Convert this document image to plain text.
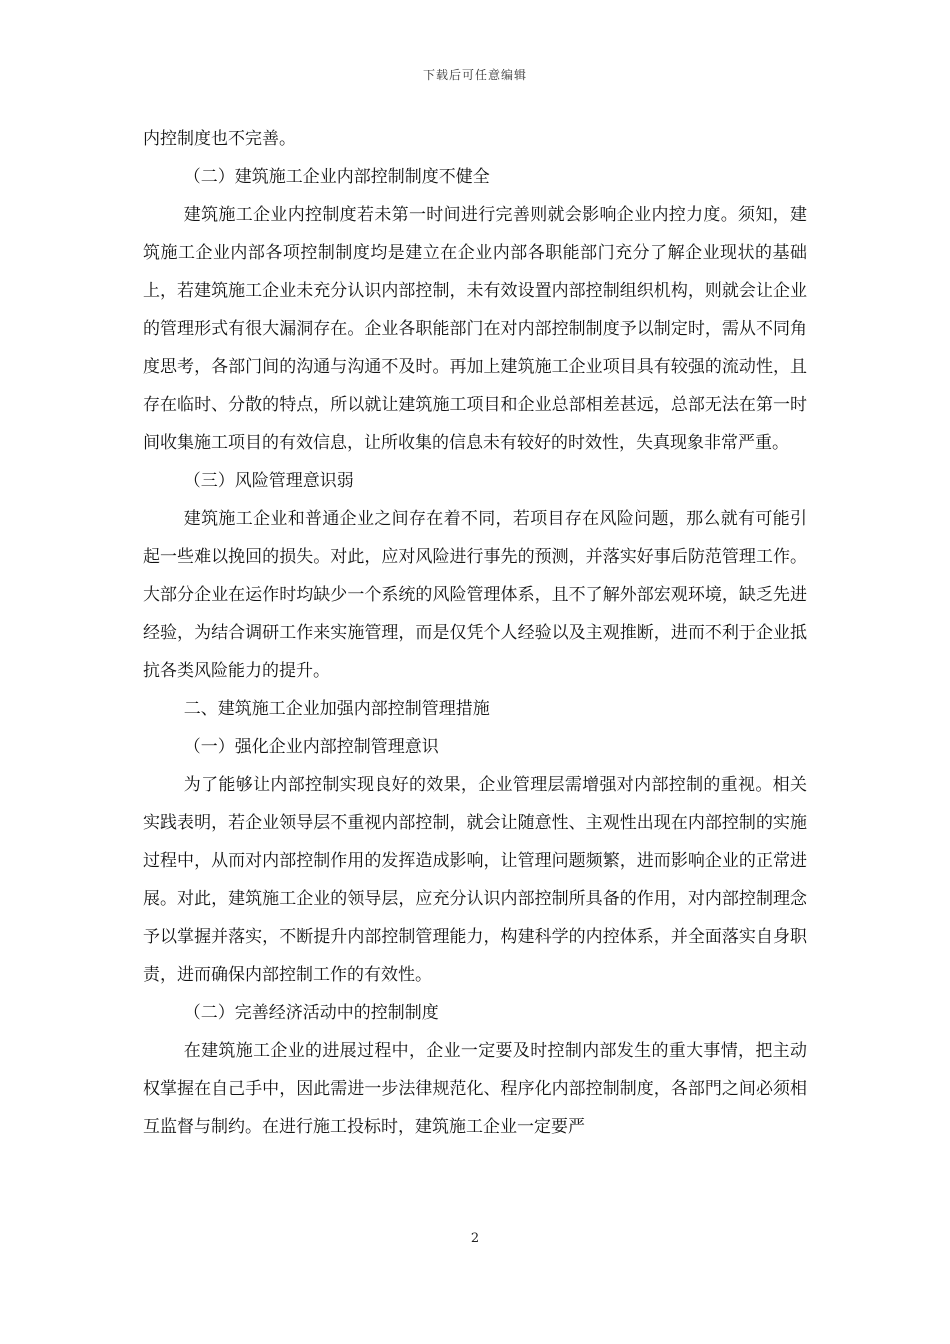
下载后可任意编辑

内控制度也不完善。

（二）建筑施工企业内部控制制度不健全

建筑施工企业内控制度若未第一时间进行完善则就会影响企业内控力度。须知，建筑施工企业内部各项控制制度均是建立在企业内部各职能部门充分了解企业现状的基础上，若建筑施工企业未充分认识内部控制，未有效设置内部控制组织机构，则就会让企业的管理形式有很大漏洞存在。企业各职能部门在对内部控制制度予以制定时，需从不同角度思考，各部门间的沟通与沟通不及时。再加上建筑施工企业项目具有较强的流动性，且存在临时、分散的特点，所以就让建筑施工项目和企业总部相差甚远，总部无法在第一时间收集施工项目的有效信息，让所收集的信息未有较好的时效性，失真现象非常严重。

（三）风险管理意识弱

建筑施工企业和普通企业之间存在着不同，若项目存在风险问题，那么就有可能引起一些难以挽回的损失。对此，应对风险进行事先的预测，并落实好事后防范管理工作。大部分企业在运作时均缺少一个系统的风险管理体系，且不了解外部宏观环境，缺乏先进经验，为结合调研工作来实施管理，而是仅凭个人经验以及主观推断，进而不利于企业抵抗各类风险能力的提升。

二、建筑施工企业加强内部控制管理措施

（一）强化企业内部控制管理意识

为了能够让内部控制实现良好的效果，企业管理层需增强对内部控制的重视。相关实践表明，若企业领导层不重视内部控制，就会让随意性、主观性出现在内部控制的实施过程中，从而对内部控制作用的发挥造成影响，让管理问题频繁，进而影响企业的正常进展。对此，建筑施工企业的领导层，应充分认识内部控制所具备的作用，对内部控制理念予以掌握并落实，不断提升内部控制管理能力，构建科学的内控体系，并全面落实自身职责，进而确保内部控制工作的有效性。

（二）完善经济活动中的控制制度

在建筑施工企业的进展过程中，企业一定要及时控制内部发生的重大事情，把主动权掌握在自己手中，因此需进一步法律规范化、程序化内部控制制度，各部門之间必须相互监督与制约。在进行施工投标时，建筑施工企业一定要严

2
